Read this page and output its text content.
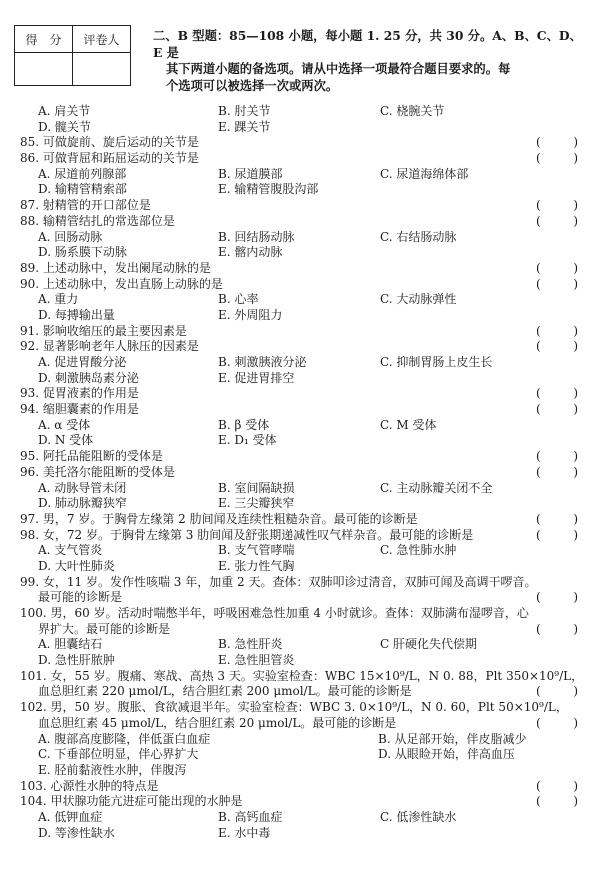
得　分	评卷人
		二、B 型题：85—108 小题，每小题 1. 25 分，共 30 分。A、B、C、D、E 是
其下两道小题的备选项。请从中选择一项最符合题目要求的。每
个选项可以被选择一次或两次。
A. 肩关节	B. 肘关节	C. 桡腕关节
D. 髋关节	E. 踝关节
85. 可做旋前、旋后运动的关节是	(	)
86. 可做背屈和跖屈运动的关节是	(	)
A. 尿道前列腺部	B. 尿道膜部	C. 尿道海绵体部
D. 输精管精索部	E. 输精管腹股沟部
87. 射精管的开口部位是	(	)
88. 输精管结扎的常选部位是	(	)
A. 回肠动脉	B. 回结肠动脉	C. 右结肠动脉
D. 肠系膜下动脉	E. 髂内动脉
89. 上述动脉中，发出阑尾动脉的是	(	)
90. 上述动脉中，发出直肠上动脉的是	(	)
A. 重力	B. 心率	C. 大动脉弹性
D. 每搏输出量	E. 外周阻力
91. 影响收缩压的最主要因素是	(	)
92. 显著影响老年人脉压的因素是	(	)
A. 促进胃酸分泌	B. 刺激胰液分泌	C. 抑制胃肠上皮生长
D. 刺激胰岛素分泌	E. 促进胃排空
93. 促胃液素的作用是	(	)
94. 缩胆囊素的作用是	(	)
A. α 受体	B. β 受体	C. M 受体
D. N 受体	E. D₁ 受体
95. 阿托品能阻断的受体是	(	)
96. 美托洛尔能阻断的受体是	(	)
A. 动脉导管未闭	B. 室间隔缺损	C. 主动脉瓣关闭不全
D. 肺动脉瓣狭窄	E. 三尖瓣狭窄
97. 男，7 岁。于胸骨左缘第 2 肋间闻及连续性粗糙杂音。最可能的诊断是	(	)
98. 女，72 岁。于胸骨左缘第 3 肋间闻及舒张期递减性叹气样杂音。最可能的诊断是	(	)
A. 支气管炎	B. 支气管哮喘	C. 急性肺水肿
D. 大叶性肺炎	E. 张力性气胸
99. 女，11 岁。发作性咳喘 3 年，加重 2 天。查体：双肺叩诊过清音，双肺可闻及高调干啰音。
最可能的诊断是	(	)
100. 男，60 岁。活动时喘憋半年，呼吸困难急性加重 4 小时就诊。查体：双肺满布湿啰音，心
界扩大。最可能的诊断是	(	)
A. 胆囊结石	B. 急性肝炎	C 肝硬化失代偿期
D. 急性肝脓肿	E. 急性胆管炎
101. 女，55 岁。腹痛、寒战、高热 3 天。实验室检查：WBC 15×10⁹/L，N 0. 88，Plt 350×10⁹/L，
血总胆红素 220 μmol/L，结合胆红素 200 μmol/L。最可能的诊断是	(	)
102. 男，50 岁。腹胀、食欲减退半年。实验室检查：WBC 3. 0×10⁹/L，N 0. 60，Plt 50×10⁹/L，
血总胆红素 45 μmol/L，结合胆红素 20 μmol/L。最可能的诊断是	(	)
A. 腹部高度膨隆，伴低蛋白血症	B. 从足部开始，伴皮脂减少
C. 下垂部位明显，伴心界扩大	D. 从眼睑开始，伴高血压
E. 胫前黏液性水肿，伴腹泻
103. 心源性水肿的特点是	(	)
104. 甲状腺功能亢进症可能出现的水肿是	(	)
A. 低钾血症	B. 高钙血症	C. 低渗性缺水
D. 等渗性缺水	E. 水中毒
